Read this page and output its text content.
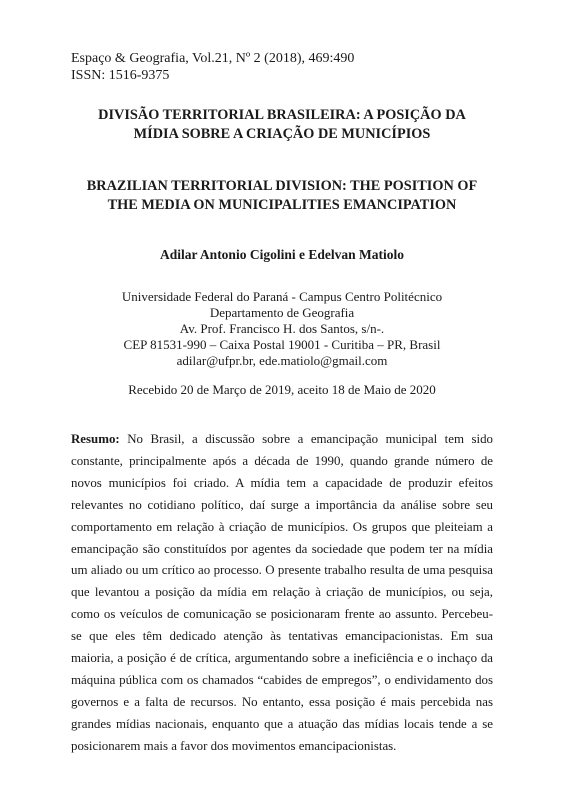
Espaço & Geografia, Vol.21, Nº 2 (2018), 469:490
ISSN: 1516-9375
DIVISÃO TERRITORIAL BRASILEIRA: A POSIÇÃO DA
MÍDIA SOBRE A CRIAÇÃO DE MUNICÍPIOS
BRAZILIAN TERRITORIAL DIVISION: THE POSITION OF
THE MEDIA ON MUNICIPALITIES EMANCIPATION
Adilar Antonio Cigolini e Edelvan Matiolo
Universidade Federal do Paraná - Campus Centro Politécnico
Departamento de Geografia
Av. Prof. Francisco H. dos Santos, s/n-.
CEP 81531-990 – Caixa Postal 19001 - Curitiba – PR, Brasil
adilar@ufpr.br, ede.matiolo@gmail.com
Recebido 20 de Março de 2019, aceito 18 de Maio de 2020
Resumo: No Brasil, a discussão sobre a emancipação municipal tem sido constante, principalmente após a década de 1990, quando grande número de novos municípios foi criado. A mídia tem a capacidade de produzir efeitos relevantes no cotidiano político, daí surge a importância da análise sobre seu comportamento em relação à criação de municípios. Os grupos que pleiteiam a emancipação são constituídos por agentes da sociedade que podem ter na mídia um aliado ou um crítico ao processo. O presente trabalho resulta de uma pesquisa que levantou a posição da mídia em relação à criação de municípios, ou seja, como os veículos de comunicação se posicionaram frente ao assunto. Percebeu-se que eles têm dedicado atenção às tentativas emancipacionistas. Em sua maioria, a posição é de crítica, argumentando sobre a ineficiência e o inchaço da máquina pública com os chamados “cabides de empregos”, o endividamento dos governos e a falta de recursos. No entanto, essa posição é mais percebida nas grandes mídias nacionais, enquanto que a atuação das mídias locais tende a se posicionarem mais a favor dos movimentos emancipacionistas.
